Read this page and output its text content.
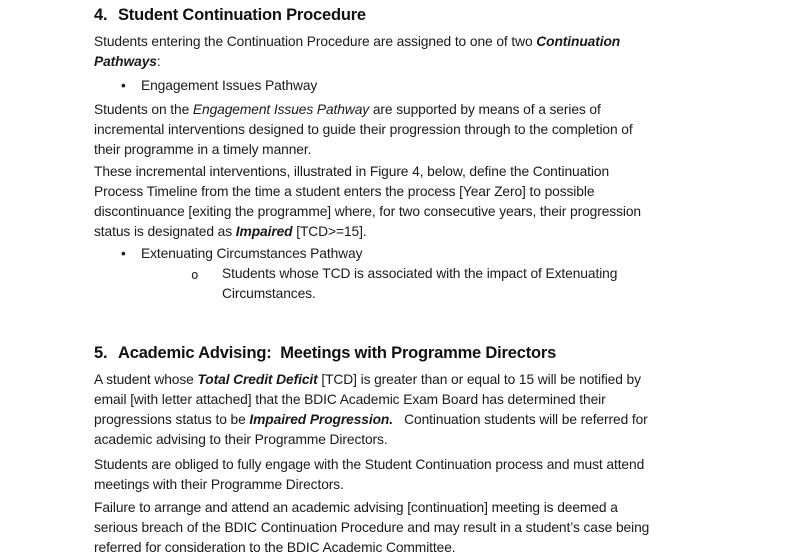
4. Student Continuation Procedure
Students entering the Continuation Procedure are assigned to one of two Continuation
Pathways:
• Engagement Issues Pathway
Students on the Engagement Issues Pathway are supported by means of a series of
incremental interventions designed to guide their progression through to the completion of
their programme in a timely manner.
These incremental interventions, illustrated in Figure 4, below, define the Continuation
Process Timeline from the time a student enters the process [Year Zero] to possible
discontinuance [exiting the programme] where, for two consecutive years, their progression
status is designated as Impaired [TCD>=15].
• Extenuating Circumstances Pathway
o Students whose TCD is associated with the impact of Extenuating
Circumstances.
5. Academic Advising:  Meetings with Programme Directors
A student whose Total Credit Deficit [TCD] is greater than or equal to 15 will be notified by
email [with letter attached] that the BDIC Academic Exam Board has determined their
progressions status to be Impaired Progression.   Continuation students will be referred for
academic advising to their Programme Directors.
Students are obliged to fully engage with the Student Continuation process and must attend
meetings with their Programme Directors.
Failure to arrange and attend an academic advising [continuation] meeting is deemed a
serious breach of the BDIC Continuation Procedure and may result in a student’s case being
referred for consideration to the BDIC Academic Committee.
